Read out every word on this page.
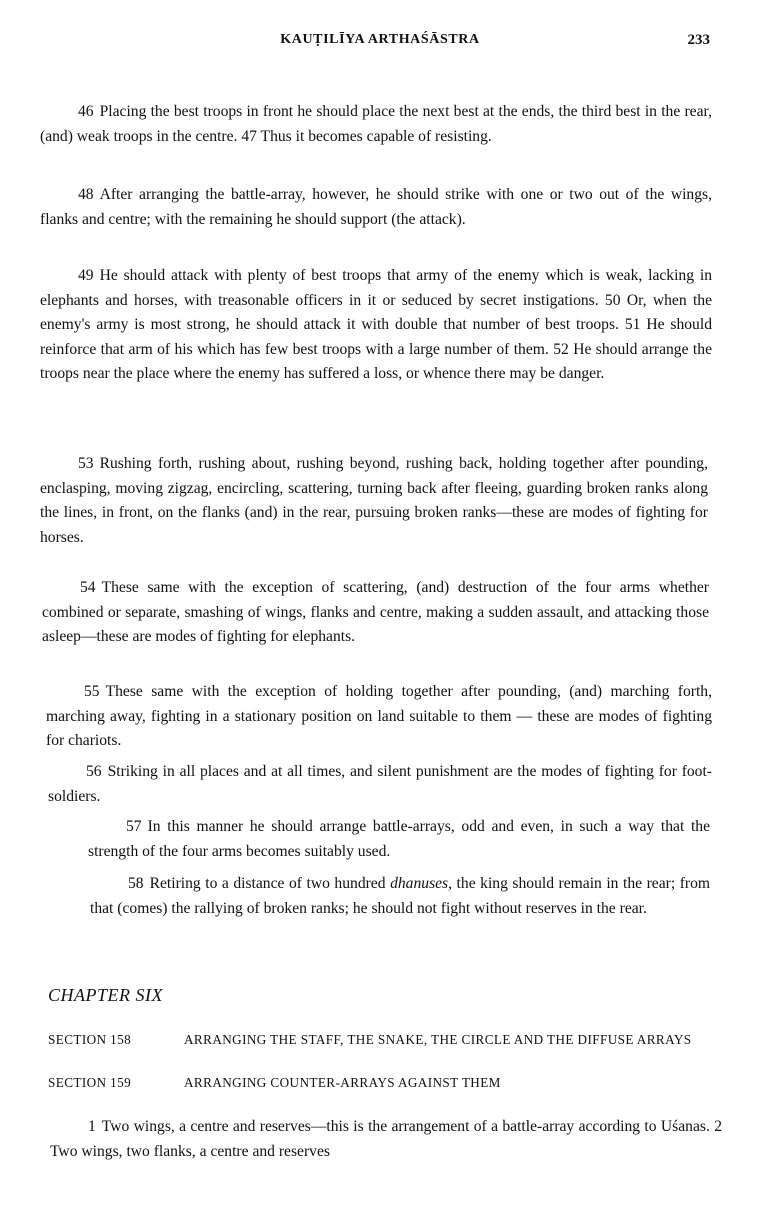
KAUṬILĪYA ARTHAŚĀSTRA	233

46 Placing the best troops in front he should place the next best at the ends, the third best in the rear, (and) weak troops in the centre. 47 Thus it becomes capable of resisting.

48 After arranging the battle-array, however, he should strike with one or two out of the wings, flanks and centre; with the remaining he should support (the attack).

49 He should attack with plenty of best troops that army of the enemy which is weak, lacking in elephants and horses, with treasonable officers in it or seduced by secret instigations. 50 Or, when the enemy's army is most strong, he should attack it with double that number of best troops. 51 He should reinforce that arm of his which has few best troops with a large number of them. 52 He should arrange the troops near the place where the enemy has suffered a loss, or whence there may be danger.

53 Rushing forth, rushing about, rushing beyond, rushing back, holding together after pounding, enclasping, moving zigzag, encircling, scattering, turning back after fleeing, guarding broken ranks along the lines, in front, on the flanks (and) in the rear, pursuing broken ranks—these are modes of fighting for horses.

54 These same with the exception of scattering, (and) destruction of the four arms whether combined or separate, smashing of wings, flanks and centre, making a sudden assault, and attacking those asleep—these are modes of fighting for elephants.

55 These same with the exception of holding together after pounding, (and) marching forth, marching away, fighting in a stationary position on land suitable to them — these are modes of fighting for chariots.

56 Striking in all places and at all times, and silent punishment are the modes of fighting for foot-soldiers.

57 In this manner he should arrange battle-arrays, odd and even, in such a way that the strength of the four arms becomes suitably used.

58 Retiring to a distance of two hundred dhanuses, the king should remain in the rear; from that (comes) the rallying of broken ranks; he should not fight without reserves in the rear.

CHAPTER SIX
SECTION 158	ARRANGING THE STAFF, THE SNAKE, THE CIRCLE AND THE DIFFUSE ARRAYS
SECTION 159	ARRANGING COUNTER-ARRAYS AGAINST THEM

1 Two wings, a centre and reserves—this is the arrangement of a battle-array according to Uśanas. 2 Two wings, two flanks, a centre and reserves
